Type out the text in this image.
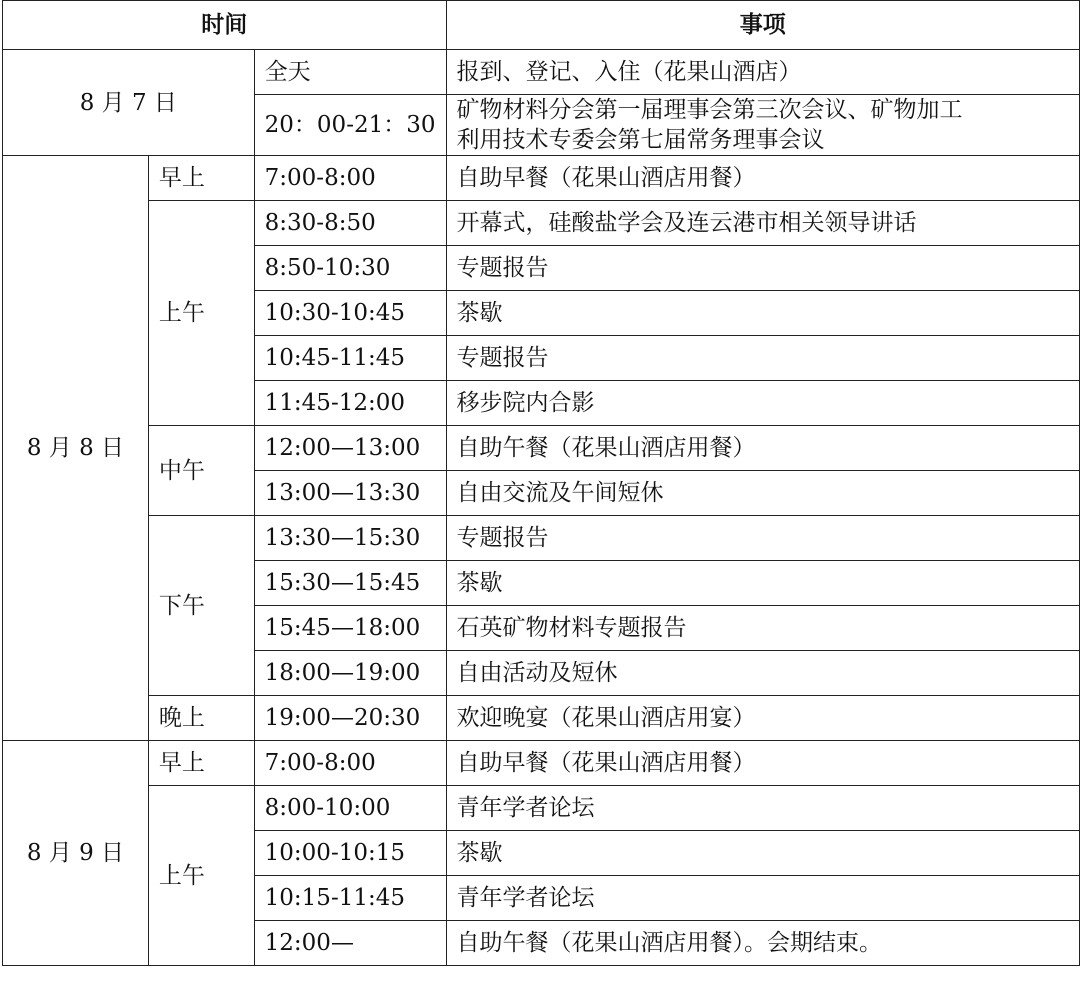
时间			事项
8 月 7 日		全天	报到、登记、入住（花果山酒店）
		20：00-21：30	矿物材料分会第一届理事会第三次会议、矿物加工
利用技术专委会第七届常务理事会议
8 月 8 日	早上	7:00-8:00	自助早餐（花果山酒店用餐）
	上午	8:30-8:50	开幕式，硅酸盐学会及连云港市相关领导讲话
		8:50-10:30	专题报告
		10:30-10:45	茶歇
		10:45-11:45	专题报告
		11:45-12:00	移步院内合影
	中午	12:00—13:00	自助午餐（花果山酒店用餐）
		13:00—13:30	自由交流及午间短休
	下午	13:30—15:30	专题报告
		15:30—15:45	茶歇
		15:45—18:00	石英矿物材料专题报告
		18:00—19:00	自由活动及短休
	晚上	19:00—20:30	欢迎晚宴（花果山酒店用宴）
8 月 9 日	早上	7:00-8:00	自助早餐（花果山酒店用餐）
	上午	8:00-10:00	青年学者论坛
		10:00-10:15	茶歇
		10:15-11:45	青年学者论坛
		12:00—	自助午餐（花果山酒店用餐）。会期结束。
